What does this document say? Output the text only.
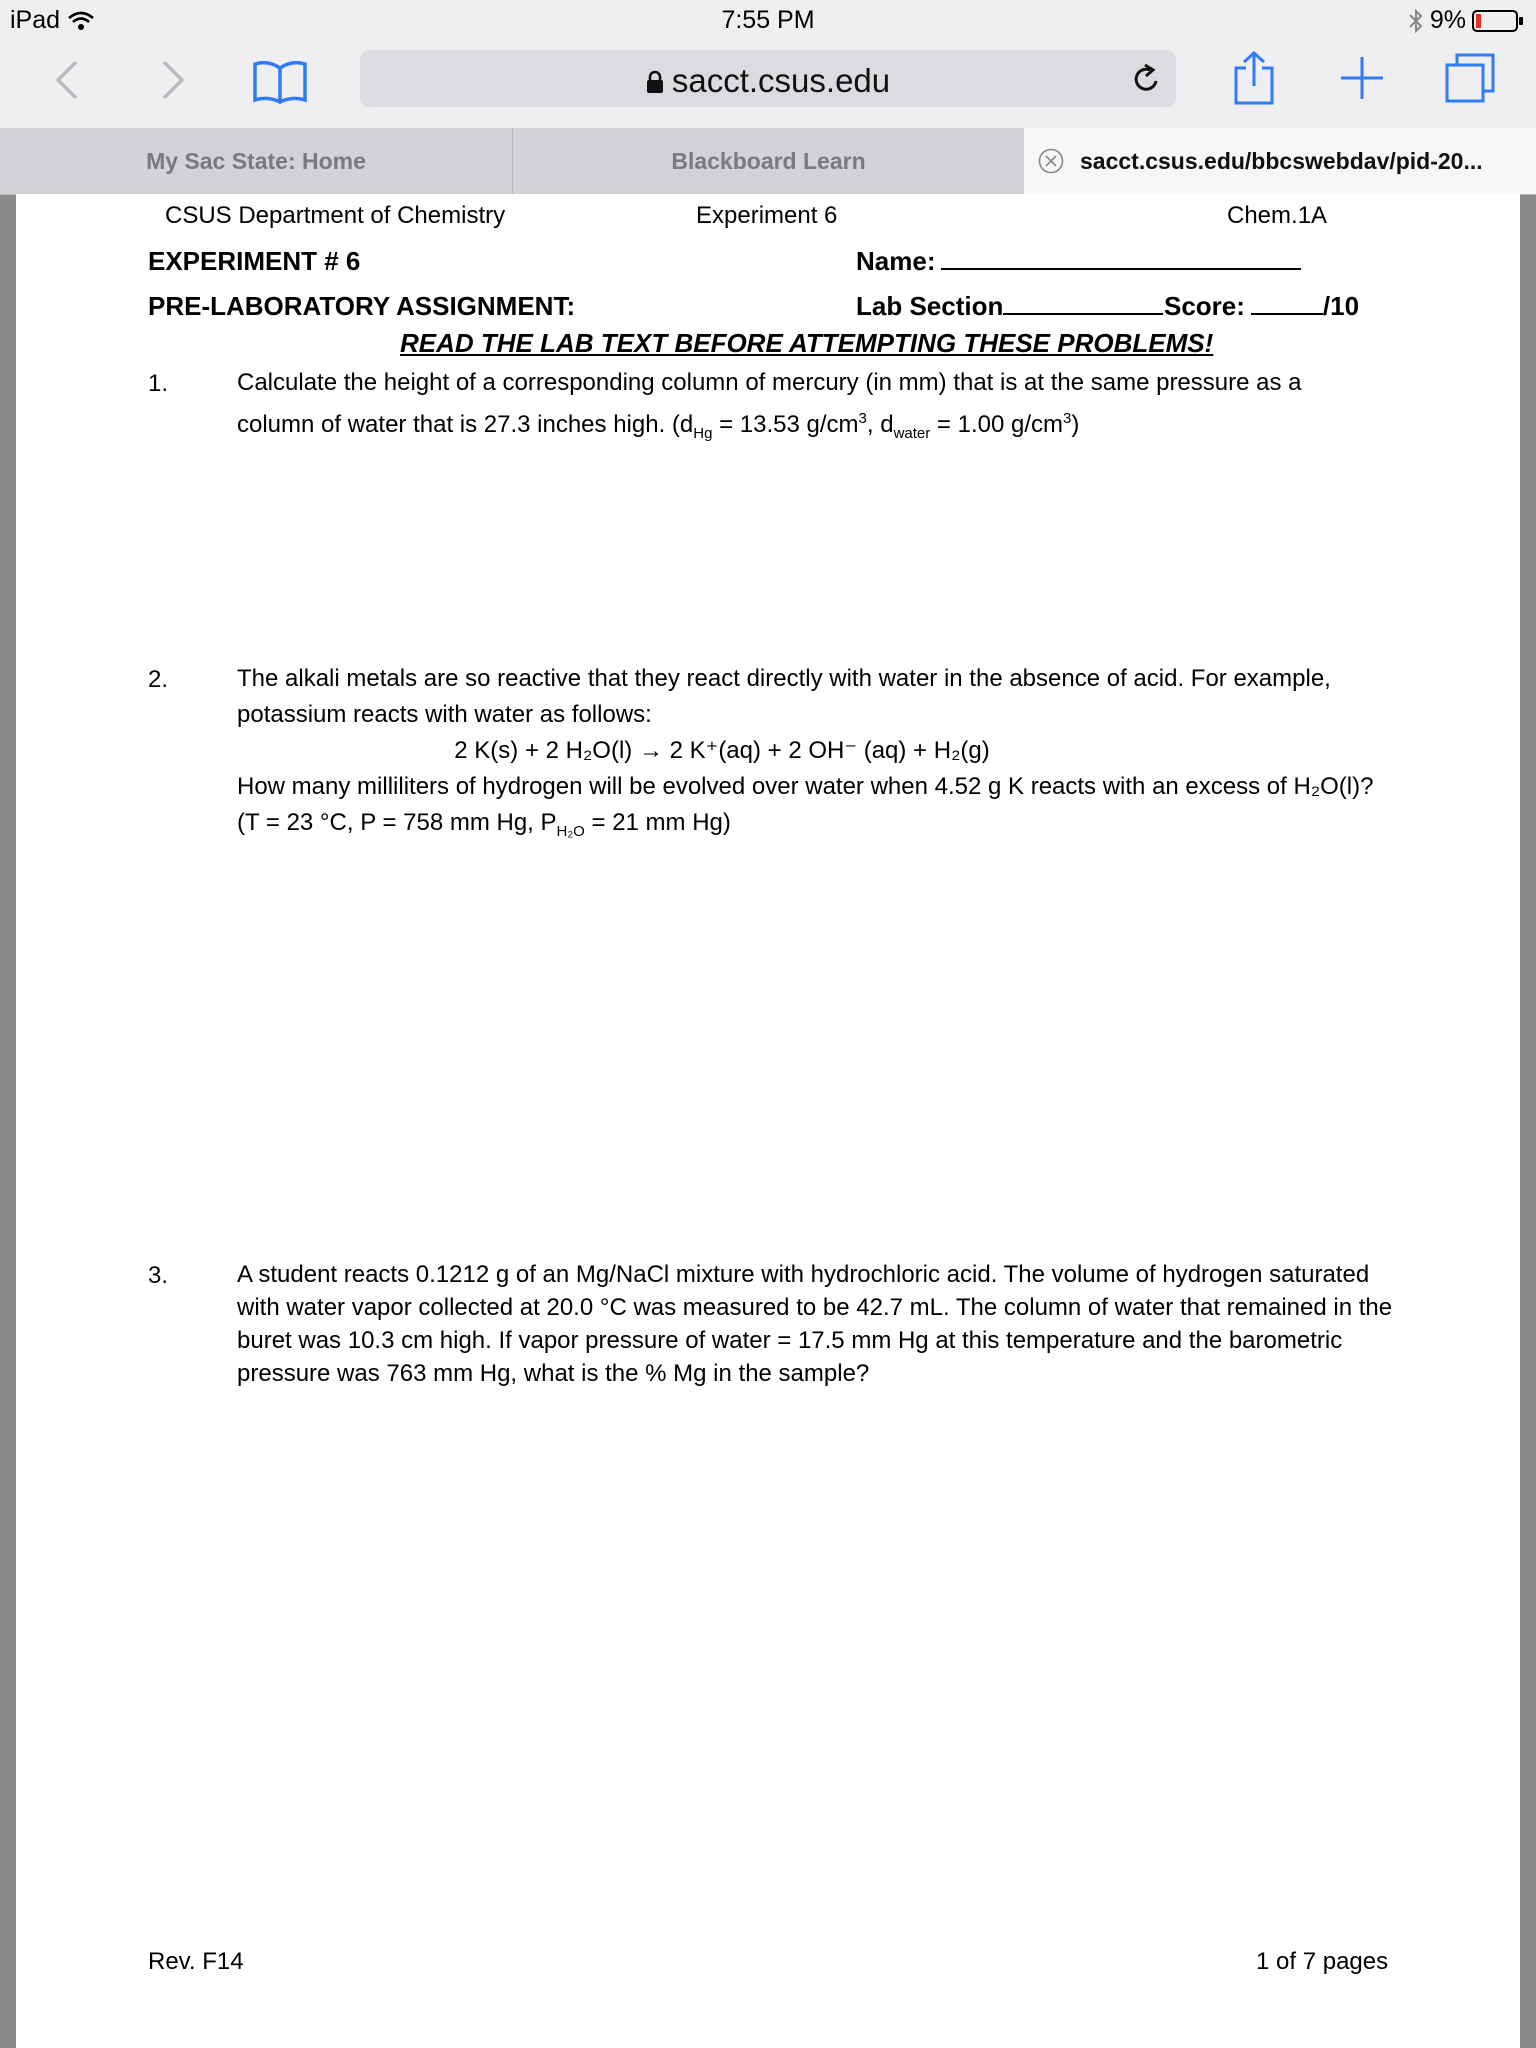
iPad	7:55 PM	9%
sacct.csus.edu
My Sac State: Home	Blackboard Learn	sacct.csus.edu/bbcswebdav/pid-20...
CSUS Department of Chemistry	Experiment 6	Chem.1A
EXPERIMENT # 6	Name:
PRE-LABORATORY ASSIGNMENT:	Lab Section	Score:	/10
READ THE LAB TEXT BEFORE ATTEMPTING THESE PROBLEMS!
1.	Calculate the height of a corresponding column of mercury (in mm) that is at the same pressure as a
column of water that is 27.3 inches high. ($d_{Hg} = 13.53$ $g/cm^3$, $d_{water} = 1.00$ $g/cm^3$)
2.	The alkali metals are so reactive that they react directly with water in the absence of acid. For example,
potassium reacts with water as follows:
2 K(s) + 2 H₂O(l) → 2 K⁺(aq) + 2 OH⁻ (aq) + H₂(g)
How many milliliters of hydrogen will be evolved over water when 4.52 g K reacts with an excess of H₂O(l)?
(T = 23 °C, P = 758 mm Hg, $P_{H_2O} = 21$ mm Hg)
3.	A student reacts 0.1212 g of an Mg/NaCl mixture with hydrochloric acid. The volume of hydrogen saturated with water vapor collected at 20.0 °C was measured to be 42.7 mL. The column of water that remained in the buret was 10.3 cm high. If vapor pressure of water = 17.5 mm Hg at this temperature and the barometric pressure was 763 mm Hg, what is the % Mg in the sample?
Rev. F14	1 of 7 pages
